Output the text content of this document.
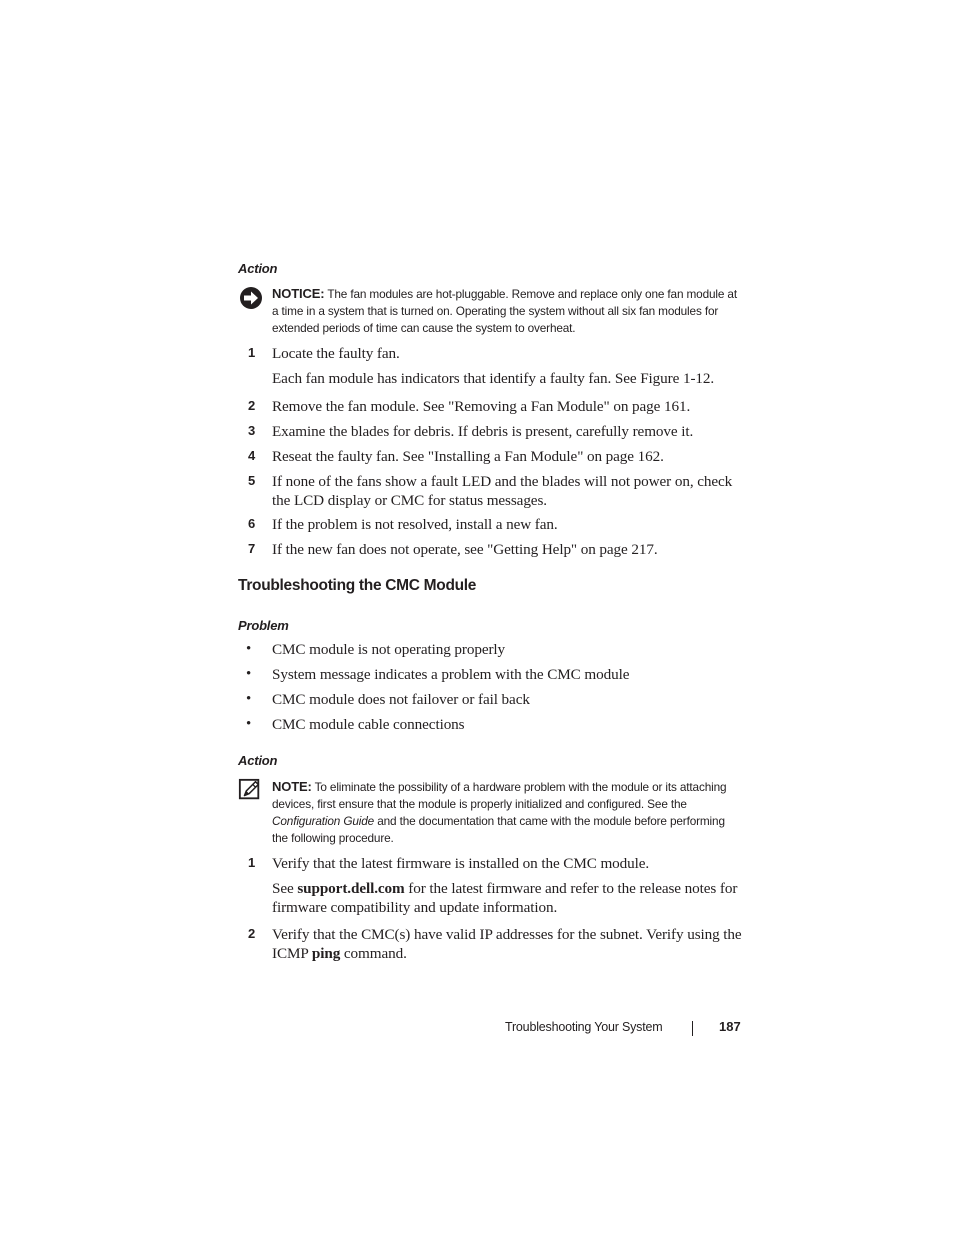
Action
NOTICE: The fan modules are hot-pluggable. Remove and replace only one fan module at a time in a system that is turned on. Operating the system without all six fan modules for extended periods of time can cause the system to overheat.
1 Locate the faulty fan.
Each fan module has indicators that identify a faulty fan. See Figure 1-12.
2 Remove the fan module. See "Removing a Fan Module" on page 161.
3 Examine the blades for debris. If debris is present, carefully remove it.
4 Reseat the faulty fan. See "Installing a Fan Module" on page 162.
5 If none of the fans show a fault LED and the blades will not power on, check the LCD display or CMC for status messages.
6 If the problem is not resolved, install a new fan.
7 If the new fan does not operate, see "Getting Help" on page 217.
Troubleshooting the CMC Module
Problem
• CMC module is not operating properly
• System message indicates a problem with the CMC module
• CMC module does not failover or fail back
• CMC module cable connections
Action
NOTE: To eliminate the possibility of a hardware problem with the module or its attaching devices, first ensure that the module is properly initialized and configured. See the Configuration Guide and the documentation that came with the module before performing the following procedure.
1 Verify that the latest firmware is installed on the CMC module.
See support.dell.com for the latest firmware and refer to the release notes for firmware compatibility and update information.
2 Verify that the CMC(s) have valid IP addresses for the subnet. Verify using the ICMP ping command.
Troubleshooting Your System	187
